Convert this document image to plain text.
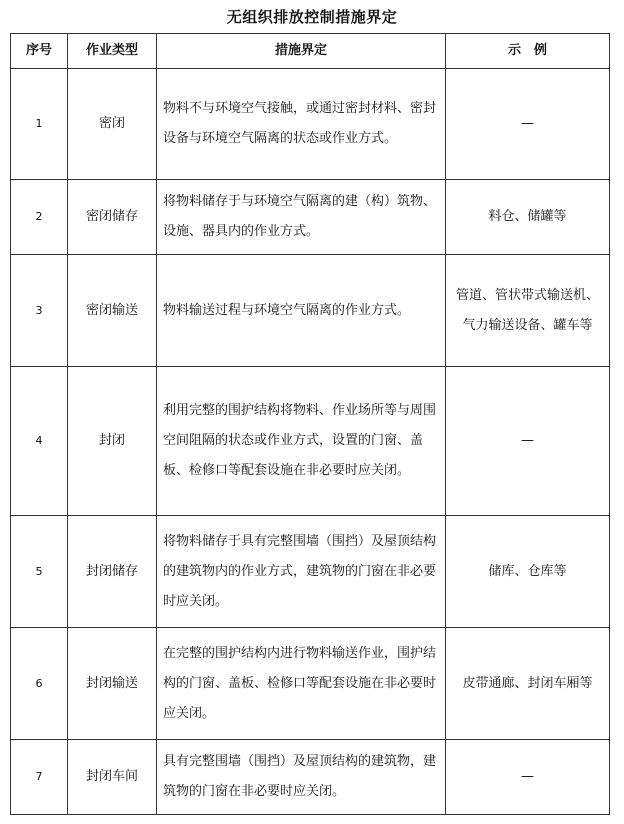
无组织排放控制措施界定
序号	作业类型	措施界定	示　例
1	密闭	物料不与环境空气接触，或通过密封材料、密封设备与环境空气隔离的状态或作业方式。	—
2	密闭储存	将物料储存于与环境空气隔离的建（构）筑物、设施、器具内的作业方式。	料仓、储罐等
3	密闭输送	物料输送过程与环境空气隔离的作业方式。	管道、管状带式输送机、气力输送设备、罐车等
4	封闭	利用完整的围护结构将物料、作业场所等与周围空间阻隔的状态或作业方式，设置的门窗、盖板、检修口等配套设施在非必要时应关闭。	—
5	封闭储存	将物料储存于具有完整围墙（围挡）及屋顶结构的建筑物内的作业方式，建筑物的门窗在非必要时应关闭。	储库、仓库等
6	封闭输送	在完整的围护结构内进行物料输送作业，围护结构的门窗、盖板、检修口等配套设施在非必要时应关闭。	皮带通廊、封闭车厢等
7	封闭车间	具有完整围墙（围挡）及屋顶结构的建筑物，建筑物的门窗在非必要时应关闭。	—
